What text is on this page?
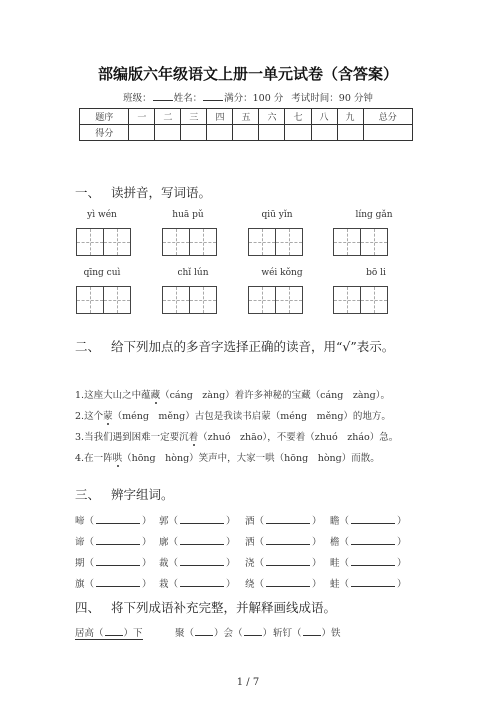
部编版六年级语文上册一单元试卷（含答案）
班级： 姓名： 满分：100 分 考试时间：90 分钟
题序	一	二	三	四	五	六	七	八	九	总分
得分										
一、 读拼音，写词语。
yì wén	huā pǔ	qiū yǐn	líng gǎn
qīng cuì	chǐ lún	wéi kǒng	bō li
二、 给下列加点的多音字选择正确的读音，用“√”表示。
1.这座大山之中蕴藏（cáng　zàng）着许多神秘的宝藏（cáng　zàng）。
2.这个蒙（méng　měng）古包是我读书启蒙（méng　měng）的地方。
3.当我们遇到困难一定要沉着（zhuó　zhāo），不要着（zhuó　zháo）急。
4.在一阵哄（hōng　hòng）笑声中，大家一哄（hōng　hòng）而散。
三、 辨字组词。
啼（	） 郭（	） 酒（	） 瞻（	）
谛（	） 廓（	） 洒（	） 檐（	）
期（	） 裁（	） 浇（	） 畦（	）
旗（	） 栽（	） 绕（	） 蛙（	）
四、 将下列成语补充完整，并解释画线成语。
居高（ ）下	聚（ ）会（ ） 斩钉（ ）铁
1 / 7
